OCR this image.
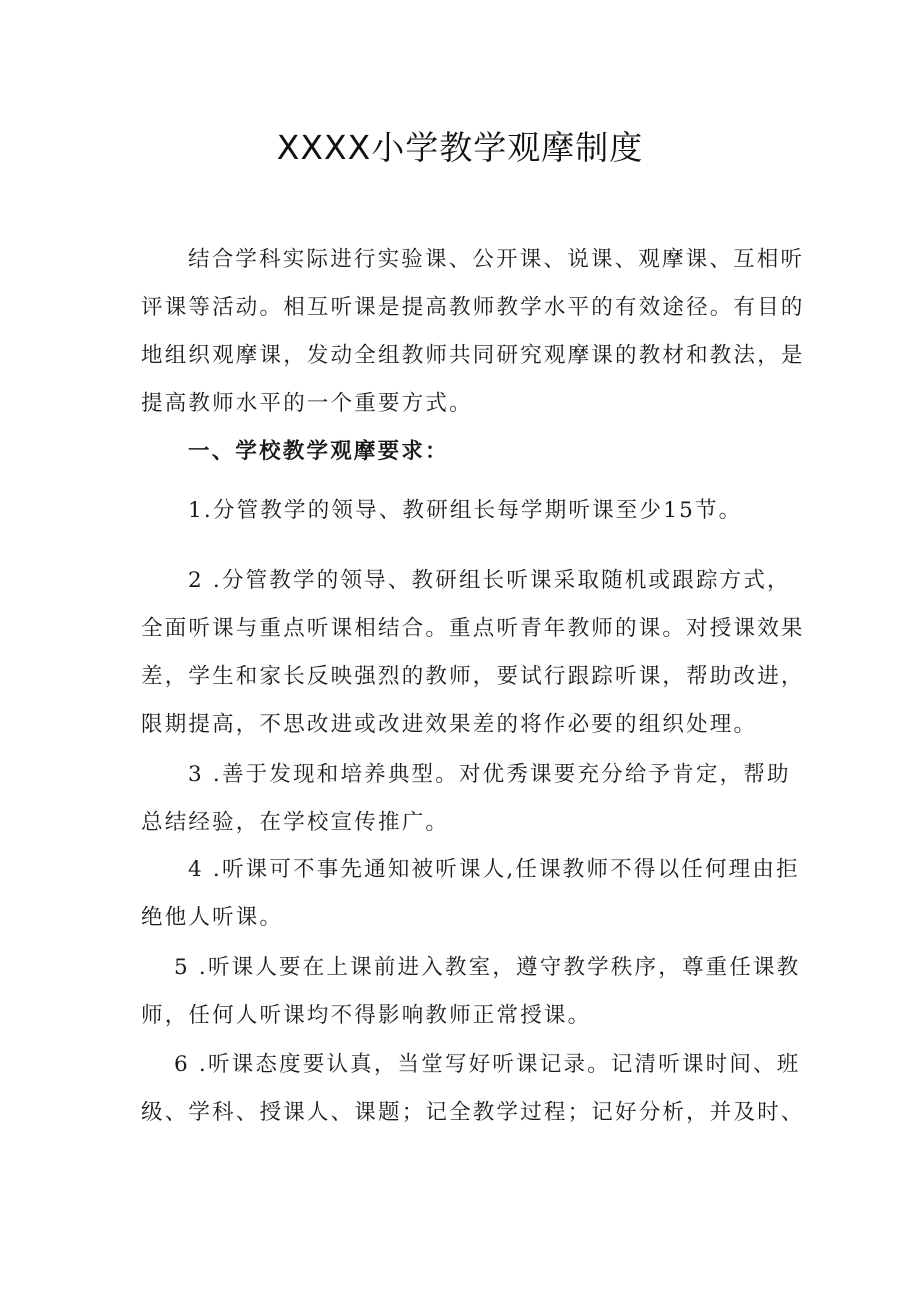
XXXX小学教学观摩制度
结合学科实际进行实验课、公开课、说课、观摩课、互相听
评课等活动。相互听课是提高教师教学水平的有效途径。有目的
地组织观摩课，发动全组教师共同研究观摩课的教材和教法，是
提高教师水平的一个重要方式。
一、学校教学观摩要求：
1.分管教学的领导、教研组长每学期听课至少15节。
2 .分管教学的领导、教研组长听课采取随机或跟踪方式，
全面听课与重点听课相结合。重点听青年教师的课。对授课效果
差，学生和家长反映强烈的教师，要试行跟踪听课，帮助改进，
限期提高，不思改进或改进效果差的将作必要的组织处理。
3 .善于发现和培养典型。对优秀课要充分给予肯定，帮助
总结经验，在学校宣传推广。
4 .听课可不事先通知被听课人,任课教师不得以任何理由拒
绝他人听课。
5 .听课人要在上课前进入教室，遵守教学秩序，尊重任课教
师，任何人听课均不得影响教师正常授课。
6 .听课态度要认真，当堂写好听课记录。记清听课时间、班
级、学科、授课人、课题；记全教学过程；记好分析，并及时、
